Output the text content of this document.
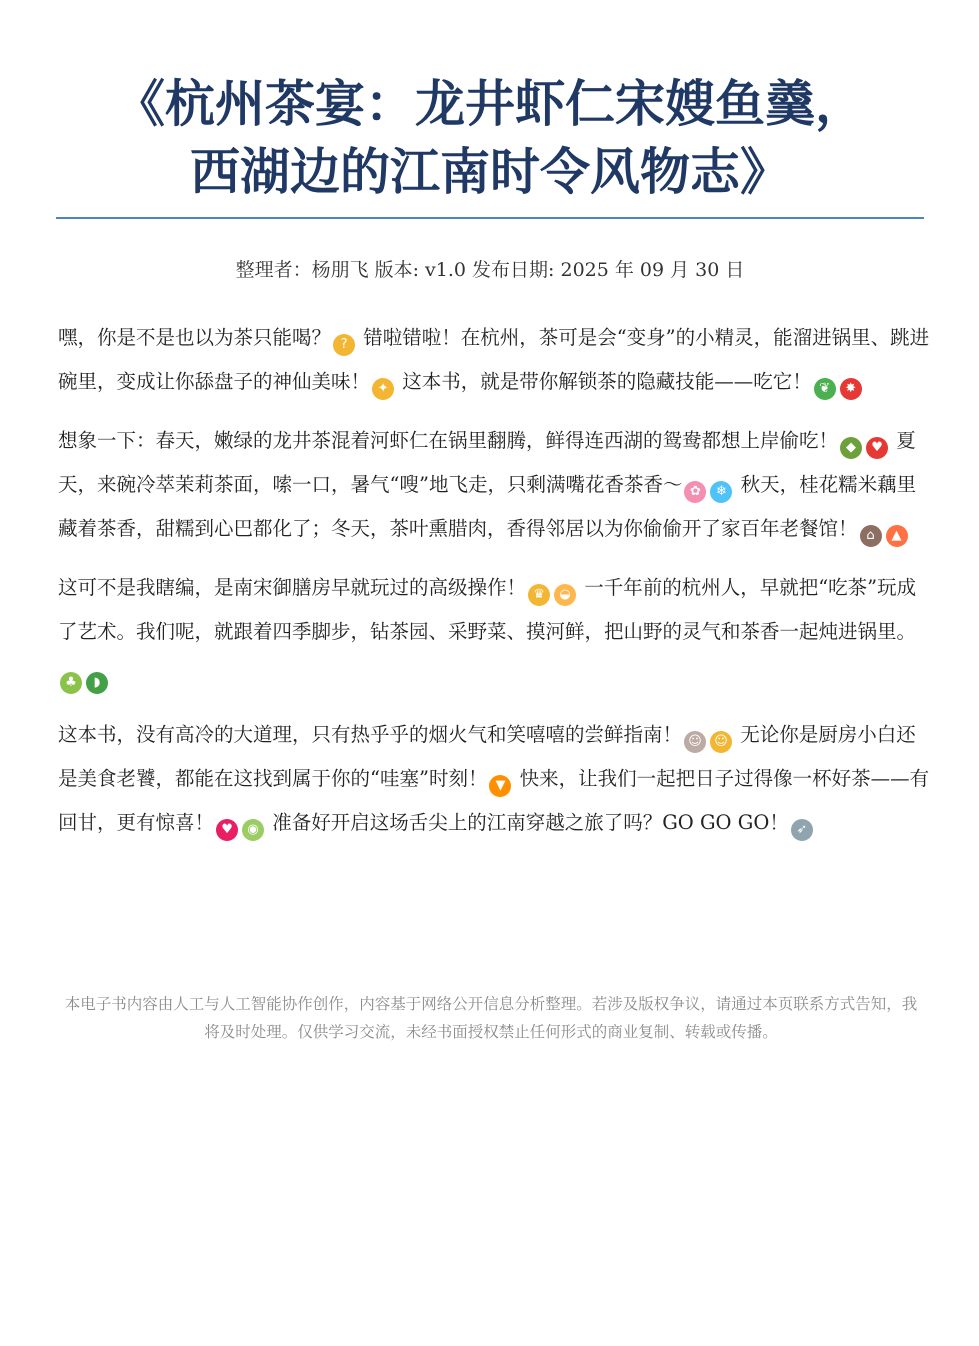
《杭州茶宴：龙井虾仁宋嫂鱼羹，
西湖边的江南时令风物志》
整理者：杨朋飞 版本: v1.0 发布日期: 2025 年 09 月 30 日

嘿，你是不是也以为茶只能喝？ ? 错啦错啦！在杭州，茶可是会“变身”的小精灵，能溜进锅里、跳进碗里，变成让你舔盘子的神仙美味！ ✦ 这本书，就是带你解锁茶的隐藏技能——吃它！ ❦ ✸

想象一下：春天，嫩绿的龙井茶混着河虾仁在锅里翻腾，鲜得连西湖的鸳鸯都想上岸偷吃！ ◆ ♥ 夏天，来碗冷萃茉莉茶面，嗦一口，暑气“嗖”地飞走，只剩满嘴花香茶香～ ✿ ❄ 秋天，桂花糯米藕里藏着茶香，甜糯到心巴都化了；冬天，茶叶熏腊肉，香得邻居以为你偷偷开了家百年老餐馆！ ⌂ ▲

这可不是我瞎编，是南宋御膳房早就玩过的高级操作！ ♛ ◒ 一千年前的杭州人，早就把“吃茶”玩成了艺术。我们呢，就跟着四季脚步，钻茶园、采野菜、摸河鲜，把山野的灵气和茶香一起炖进锅里。♣ ◗

这本书，没有高冷的大道理，只有热乎乎的烟火气和笑嘻嘻的尝鲜指南！ ☺ ☺ 无论你是厨房小白还是美食老饕，都能在这找到属于你的“哇塞”时刻！ ▼ 快来，让我们一起把日子过得像一杯好茶——有回甘，更有惊喜！ ♥ ◉ 准备好开启这场舌尖上的江南穿越之旅了吗？GO GO GO！ ➶

本电子书内容由人工与人工智能协作创作，内容基于网络公开信息分析整理。若涉及版权争议，请通过本页联系方式告知，我将及时处理。仅供学习交流，未经书面授权禁止任何形式的商业复制、转载或传播。
